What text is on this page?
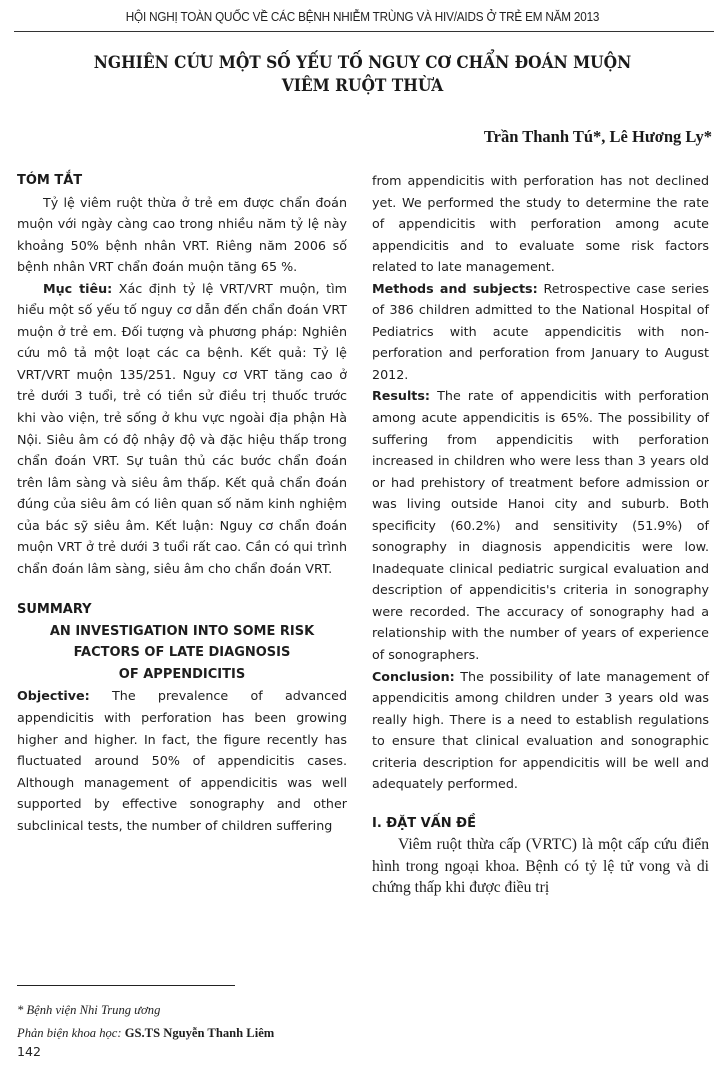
HỘI NGHỊ TOÀN QUỐC VỀ CÁC BỆNH NHIỄM TRÙNG VÀ HIV/AIDS Ở TRẺ EM NĂM 2013
NGHIÊN CỨU MỘT SỐ YẾU TỐ NGUY CƠ CHẨN ĐOÁN MUỘN
VIÊM RUỘT THỪA
Trần Thanh Tú*, Lê Hương Ly*

TÓM TẮT

Tỷ lệ viêm ruột thừa ở trẻ em được chẩn đoán muộn với ngày càng cao trong nhiều năm tỷ lệ này khoảng 50% bệnh nhân VRT. Riêng năm 2006 số bệnh nhân VRT chẩn đoán muộn tăng 65 %.

Mục tiêu: Xác định tỷ lệ VRT/VRT muộn, tìm hiểu một số yếu tố nguy cơ dẫn đến chẩn đoán VRT muộn ở trẻ em. Đối tượng và phương pháp: Nghiên cứu mô tả một loạt các ca bệnh. Kết quả: Tỷ lệ VRT/VRT muộn 135/251. Nguy cơ VRT tăng cao ở trẻ dưới 3 tuổi, trẻ có tiền sử điều trị thuốc trước khi vào viện, trẻ sống ở khu vực ngoài địa phận Hà Nội. Siêu âm có độ nhậy độ và đặc hiệu thấp trong chẩn đoán VRT. Sự tuân thủ các bước chẩn đoán trên lâm sàng và siêu âm thấp. Kết quả chẩn đoán đúng của siêu âm có liên quan số năm kinh nghiệm của bác sỹ siêu âm. Kết luận: Nguy cơ chẩn đoán muộn VRT ở trẻ dưới 3 tuổi rất cao. Cần có qui trình chẩn đoán lâm sàng, siêu âm cho chẩn đoán VRT.

SUMMARY

AN INVESTIGATION INTO SOME RISK

FACTORS OF LATE DIAGNOSIS

OF APPENDICITIS

Objective: The prevalence of advanced appendicitis with perforation has been growing higher and higher. In fact, the figure recently has fluctuated around 50% of appendicitis cases. Although management of appendicitis was well supported by effective sonography and other subclinical tests, the number of children suffering

from appendicitis with perforation has not declined yet. We performed the study to determine the rate of appendicitis with perforation among acute appendicitis and to evaluate some risk factors related to late management.

Methods and subjects: Retrospective case series of 386 children admitted to the National Hospital of Pediatrics with acute appendicitis with non-perforation and perforation from January to August 2012.

Results: The rate of appendicitis with perforation among acute appendicitis is 65%. The possibility of suffering from appendicitis with perforation increased in children who were less than 3 years old or had prehistory of treatment before admission or was living outside Hanoi city and suburb. Both specificity (60.2%) and sensitivity (51.9%) of sonography in diagnosis appendicitis were low. Inadequate clinical pediatric surgical evaluation and description of appendicitis's criteria in sonography were recorded. The accuracy of sonography had a relationship with the number of years of experience of sonographers.

Conclusion: The possibility of late management of appendicitis among children under 3 years old was really high. There is a need to establish regulations to ensure that clinical evaluation and sonographic criteria description for appendicitis will be well and adequately performed.

I. ĐẶT VẤN ĐỀ

Viêm ruột thừa cấp (VRTC) là một cấp cứu điển hình trong ngoại khoa. Bệnh có tỷ lệ tử vong và di chứng thấp khi được điều trị

* Bệnh viện Nhi Trung ương
Phản biện khoa học: GS.TS Nguyễn Thanh Liêm
142
